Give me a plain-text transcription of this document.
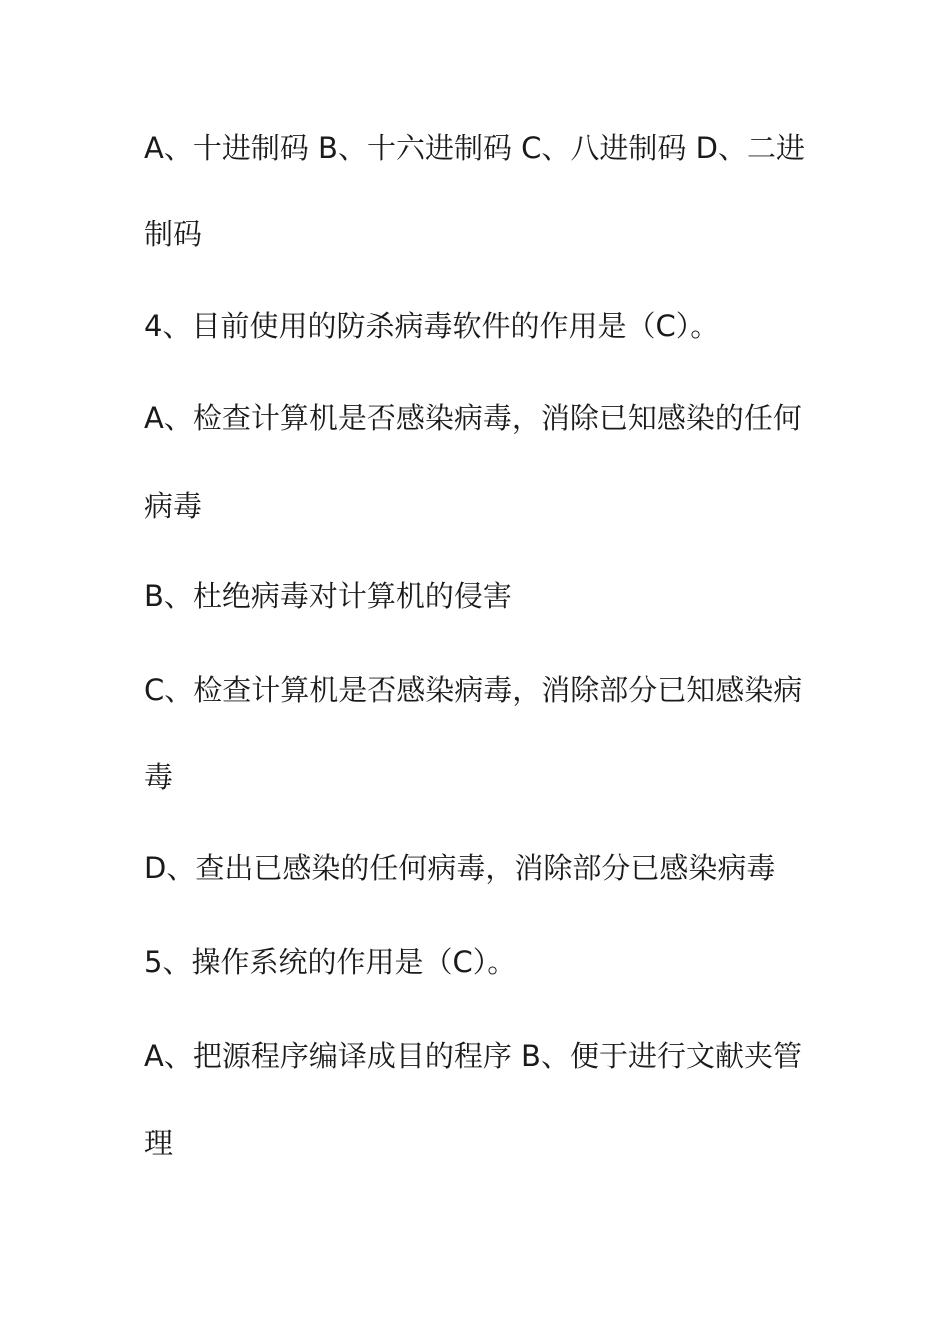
A、十进制码 B、十六进制码 C、八进制码 D、二进
制码
4、目前使用的防杀病毒软件的作用是（C）。
A、检查计算机是否感染病毒，消除已知感染的任何
病毒
B、杜绝病毒对计算机的侵害
C、检查计算机是否感染病毒，消除部分已知感染病
毒
D、查出已感染的任何病毒，消除部分已感染病毒
5、操作系统的作用是（C）。
A、把源程序编译成目的程序 B、便于进行文献夹管
理
